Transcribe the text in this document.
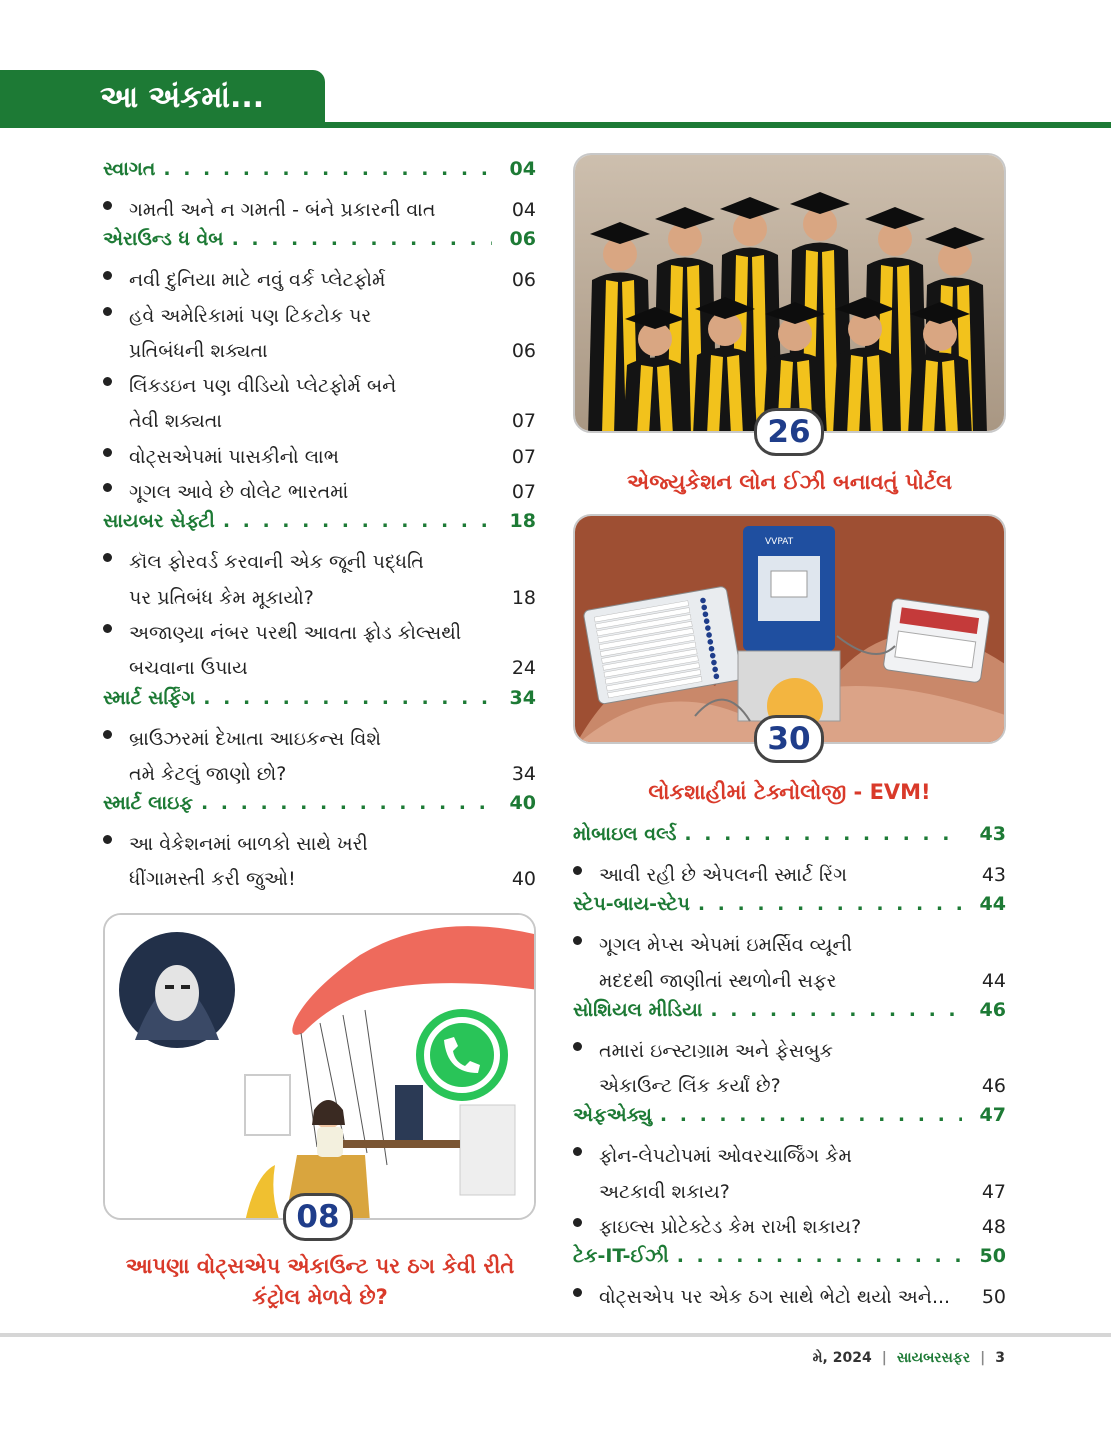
આ અંકમાં...
સ્વાગત . . .	04
ગમતી અને ન ગમતી - બંને પ્રકારની વાત	04
એરાઉન્ડ ધ વેબ . . .	06
નવી દુનિયા માટે નવું વર્ક પ્લેટફોર્મ	06
હવે અમેરિકામાં પણ ટિકટોક પર
પ્રતિબંધની શક્યતા	06
લિંક્ડઇન પણ વીડિયો પ્લેટફોર્મ બને
તેવી શક્યતા	07
વોટ્સએપમાં પાસકીનો લાભ	07
ગૂગલ આવે છે વોલેટ ભારતમાં	07
સાયબર સેફ્ટી . . .	18
કૉલ ફોરવર્ડ કરવાની એક જૂની પદ્ધતિ
પર પ્રતિબંધ કેમ મૂકાયો?	18
અજાણ્યા નંબર પરથી આવતા ફ્રોડ કોલ્સથી
બચવાના ઉપાય	24
સ્માર્ટ સર્ફિંગ . . .	34
બ્રાઉઝરમાં દેખાતા આઇકન્સ વિશે
તમે કેટલું જાણો છો?	34
સ્માર્ટ લાઇફ . . .	40
આ વેકેશનમાં બાળકો સાથે ખરી
ધીંગામસ્તી કરી જુઓ!	40
મોબાઇલ વર્લ્ડ . . .	43
આવી રહી છે એપલની સ્માર્ટ રિંગ	43
સ્ટેપ-બાય-સ્ટેપ . . .	44
ગૂગલ મેપ્સ એપમાં ઇમર્સિવ વ્યૂની
મદદથી જાણીતાં સ્થળોની સફર	44
સોશિયલ મીડિયા . . .	46
તમારાં ઇન્સ્ટાગ્રામ અને ફેસબુક
એકાઉન્ટ લિંક કર્યાં છે?	46
એફએક્યુ . . .	47
ફોન-લેપટોપમાં ઓવરચાર્જિંગ કેમ
અટકાવી શકાય?	47
ફાઇલ્સ પ્રોટેક્ટેડ કેમ રાખી શકાય?	48
ટેક-IT-ઈઝી . . .	50
વોટ્સએપ પર એક ઠગ સાથે ભેટો થયો અને...	50
26
એજ્યુકેશન લોન ઈઝી બનાવતું પોર્ટલ
VVPAT
30
લોકશાહીમાં ટેક્નોલોજી - EVM!
08
આપણા વોટ્સએપ એકાઉન્ટ પર ઠગ કેવી રીતે
કંટ્રોલ મેળવે છે?
મે, 2024 | સાયબરસફર | 3
